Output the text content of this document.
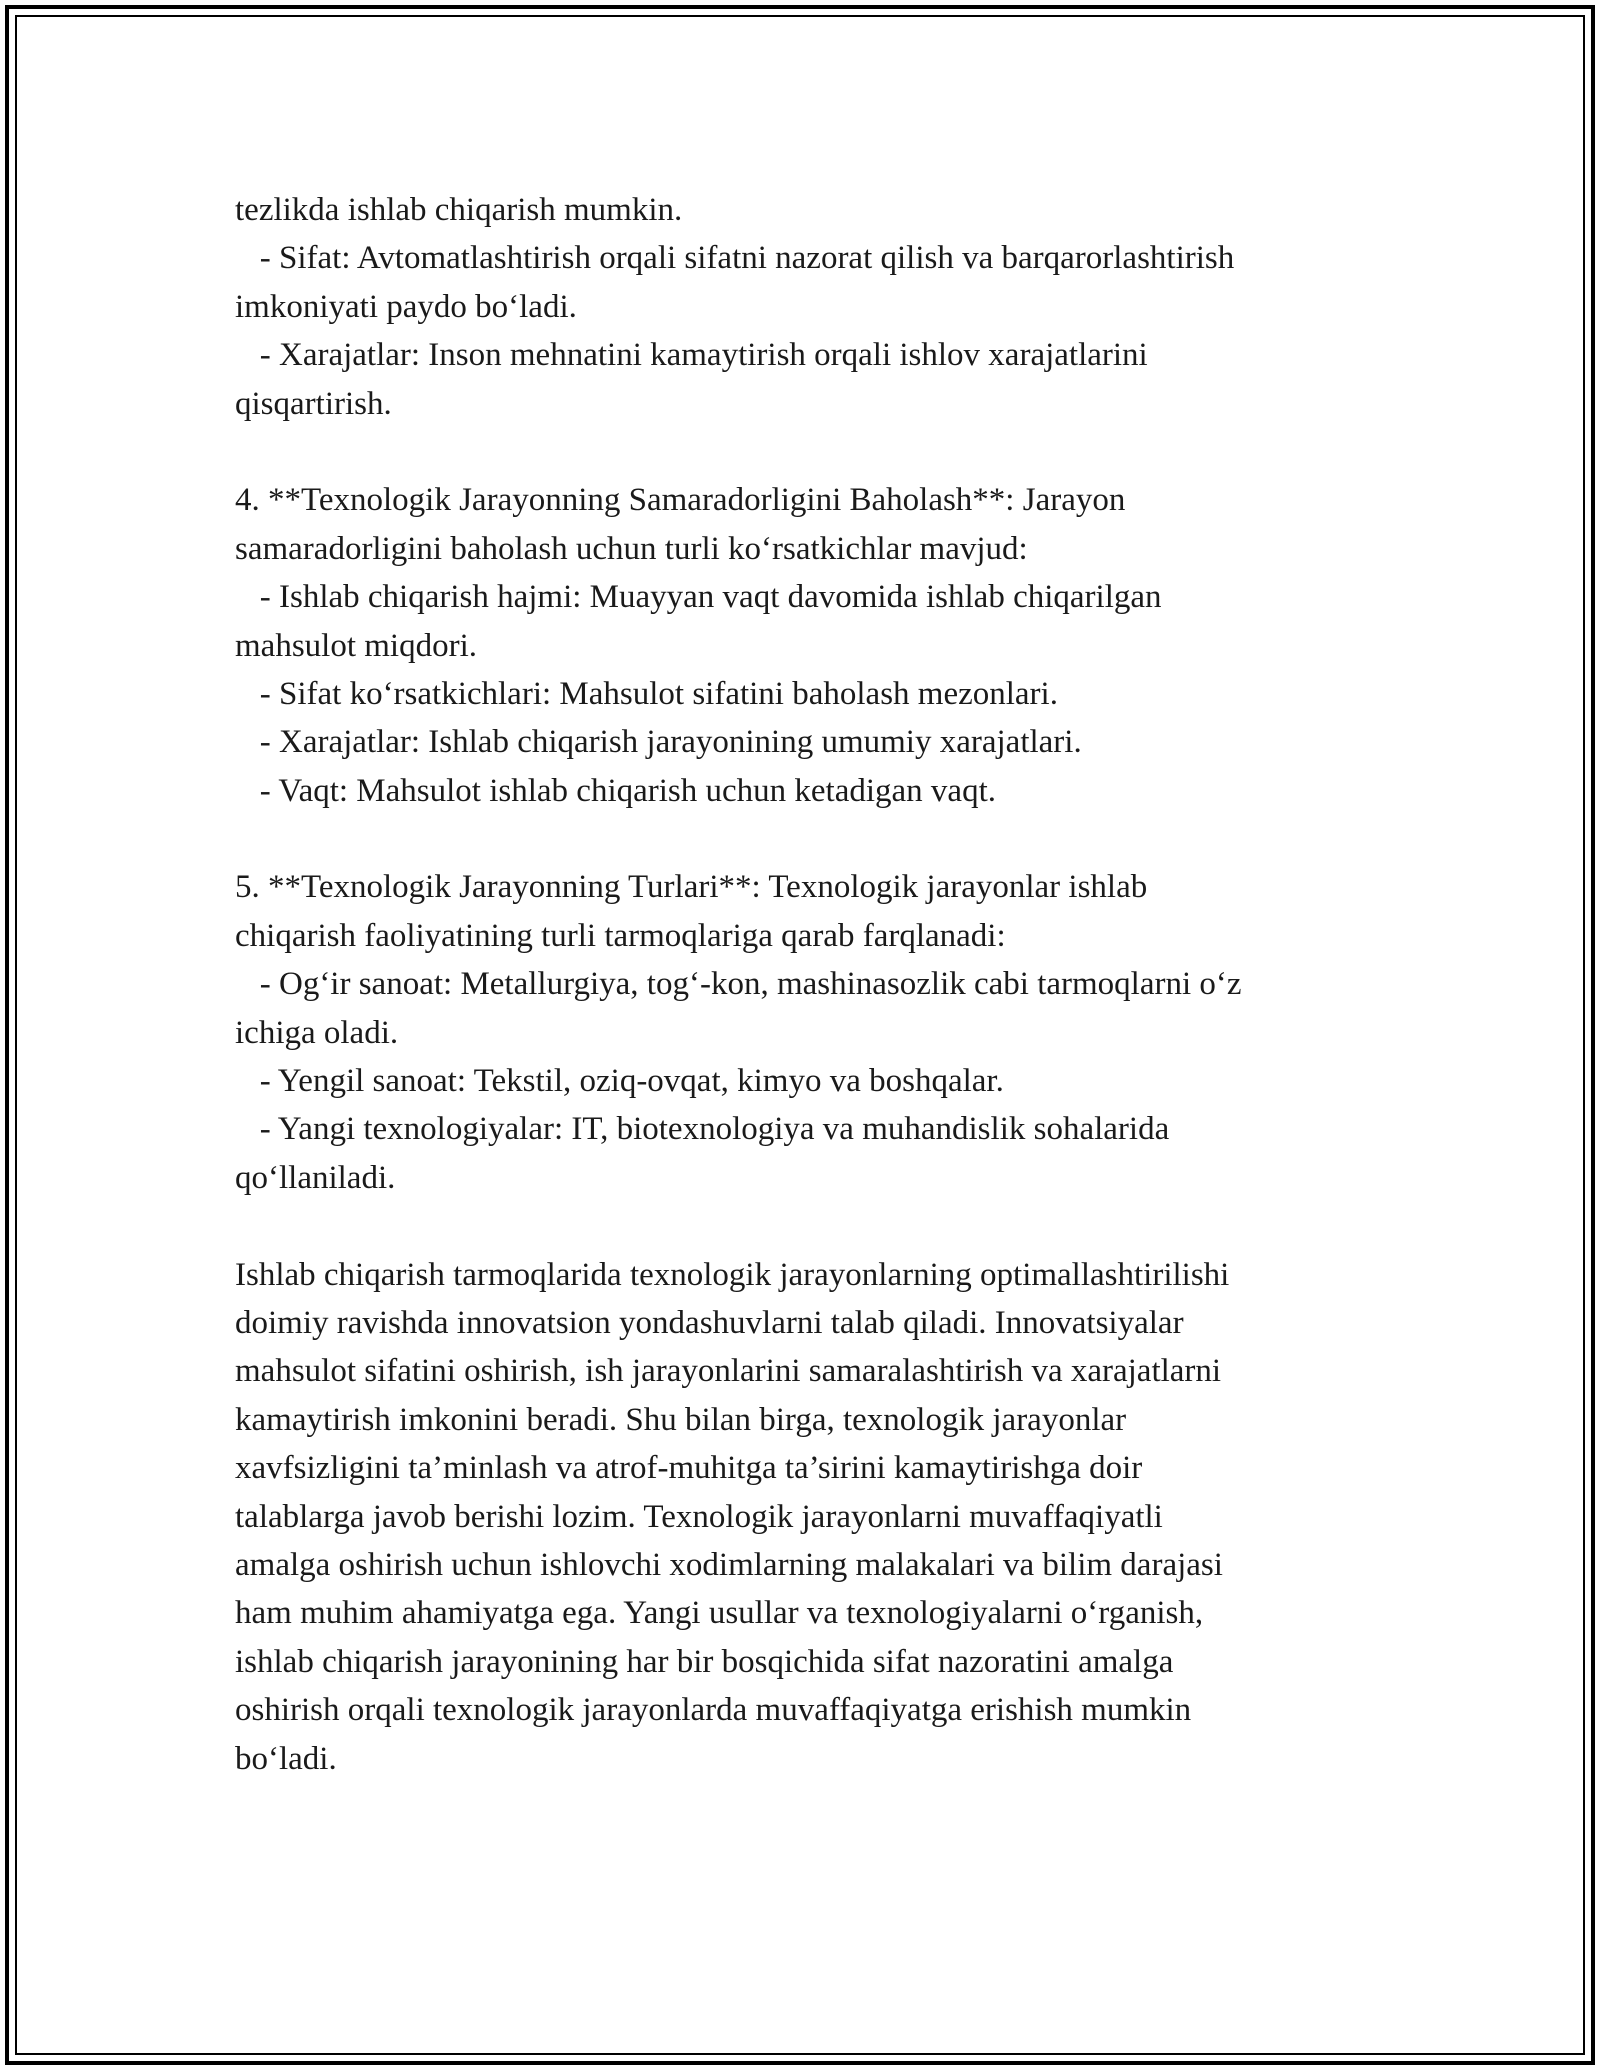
tezlikda ishlab chiqarish mumkin.
- Sifat: Avtomatlashtirish orqali sifatni nazorat qilish va barqarorlashtirish
imkoniyati paydo bo‘ladi.
- Xarajatlar: Inson mehnatini kamaytirish orqali ishlov xarajatlarini
qisqartirish.
4. **Texnologik Jarayonning Samaradorligini Baholash**: Jarayon
samaradorligini baholash uchun turli ko‘rsatkichlar mavjud:
- Ishlab chiqarish hajmi: Muayyan vaqt davomida ishlab chiqarilgan
mahsulot miqdori.
- Sifat ko‘rsatkichlari: Mahsulot sifatini baholash mezonlari.
- Xarajatlar: Ishlab chiqarish jarayonining umumiy xarajatlari.
- Vaqt: Mahsulot ishlab chiqarish uchun ketadigan vaqt.
5. **Texnologik Jarayonning Turlari**: Texnologik jarayonlar ishlab
chiqarish faoliyatining turli tarmoqlariga qarab farqlanadi:
- Og‘ir sanoat: Metallurgiya, tog‘-kon, mashinasozlik cabi tarmoqlarni o‘z
ichiga oladi.
- Yengil sanoat: Tekstil, oziq-ovqat, kimyo va boshqalar.
- Yangi texnologiyalar: IT, biotexnologiya va muhandislik sohalarida
qo‘llaniladi.
Ishlab chiqarish tarmoqlarida texnologik jarayonlarning optimallashtirilishi
doimiy ravishda innovatsion yondashuvlarni talab qiladi. Innovatsiyalar
mahsulot sifatini oshirish, ish jarayonlarini samaralashtirish va xarajatlarni
kamaytirish imkonini beradi. Shu bilan birga, texnologik jarayonlar
xavfsizligini ta’minlash va atrof-muhitga ta’sirini kamaytirishga doir
talablarga javob berishi lozim. Texnologik jarayonlarni muvaffaqiyatli
amalga oshirish uchun ishlovchi xodimlarning malakalari va bilim darajasi
ham muhim ahamiyatga ega. Yangi usullar va texnologiyalarni o‘rganish,
ishlab chiqarish jarayonining har bir bosqichida sifat nazoratini amalga
oshirish orqali texnologik jarayonlarda muvaffaqiyatga erishish mumkin
bo‘ladi.
